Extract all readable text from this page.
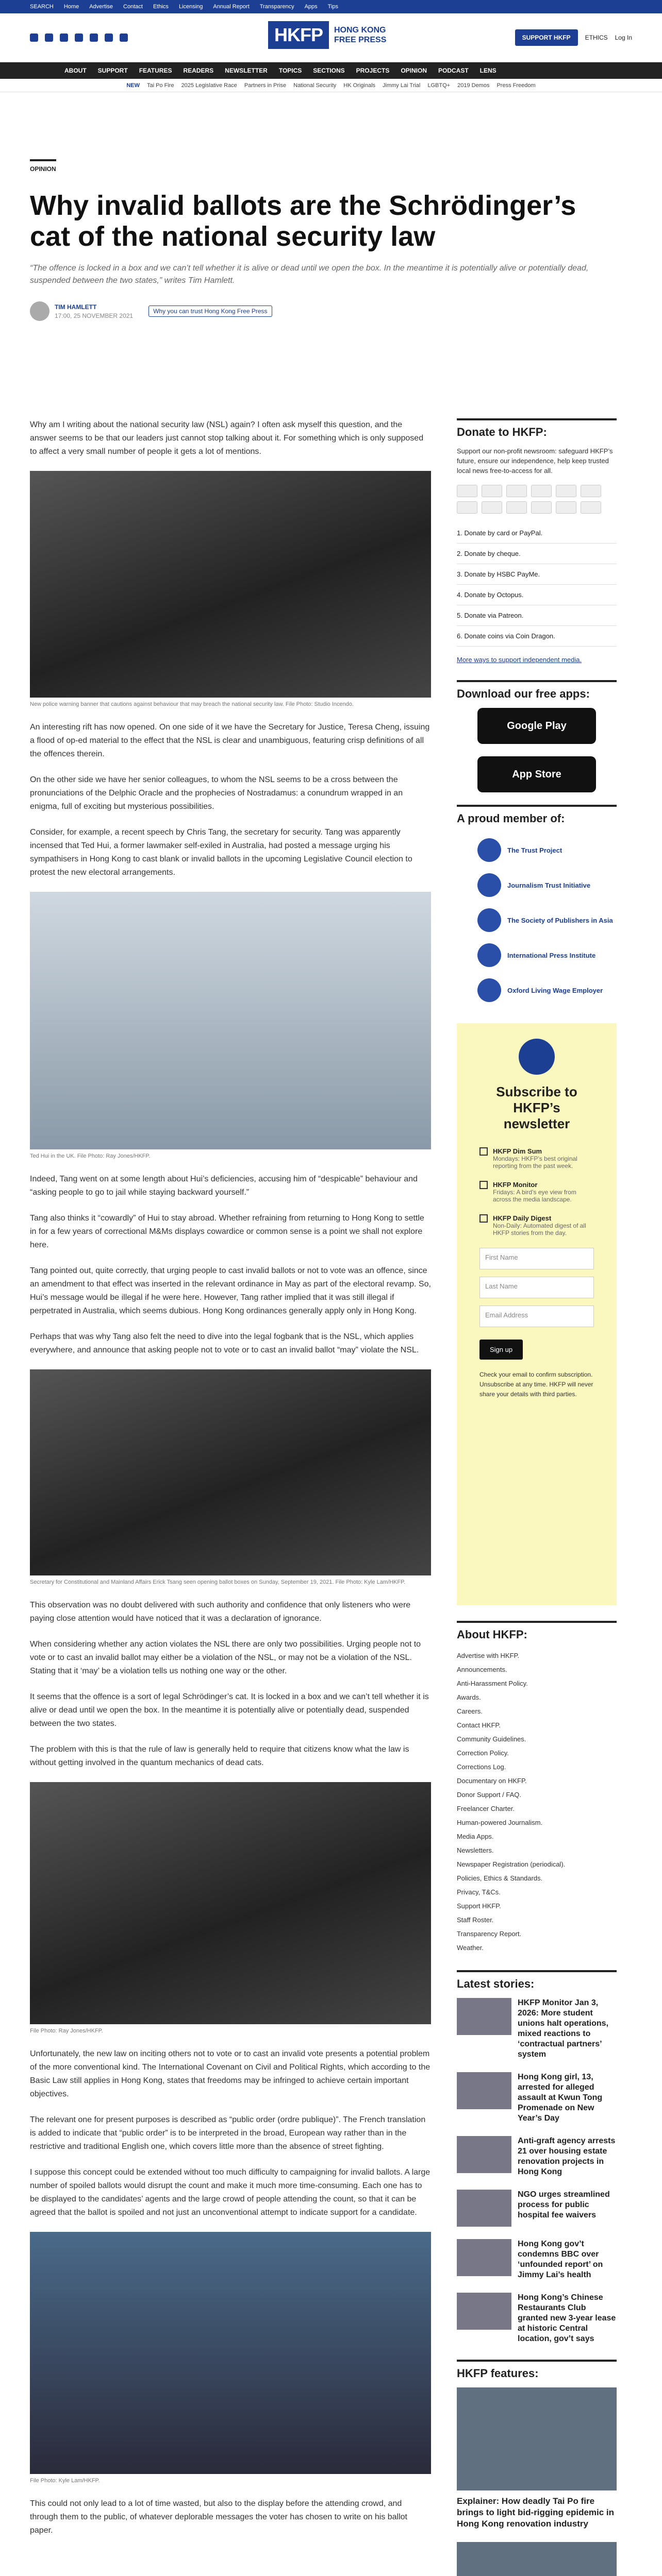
SEARCH Home Advertise Contact Ethics Licensing Annual Report Transparency Apps Tips
HKFP	HONG KONG
FREE PRESS	SUPPORT HKFP	ETHICS Log In
ABOUT SUPPORT FEATURES READERS NEWSLETTER TOPICS SECTIONS PROJECTS OPINION PODCAST LENS
NEW Tai Po Fire 2025 Legislative Race Partners in Prise National Security HK Originals Jimmy Lai Trial LGBTQ+ 2019 Demos Press Freedom
OPINION
Why invalid ballots are the Schrödinger’s cat of the national security law
“The offence is locked in a box and we can’t tell whether it is alive or dead until we open the box. In the meantime it is potentially alive or potentially dead, suspended between the two states,” writes Tim Hamlett.
TIM HAMLETT
17:00, 25 NOVEMBER 2021
Why you can trust Hong Kong Free Press

Why am I writing about the national security law (NSL) again? I often ask myself this question, and the answer seems to be that our leaders just cannot stop talking about it. For something which is only supposed to affect a very small number of people it gets a lot of mentions.

New police warning banner that cautions against behaviour that may breach the national security law. File Photo: Studio Incendo.

An interesting rift has now opened. On one side of it we have the Secretary for Justice, Teresa Cheng, issuing a flood of op-ed material to the effect that the NSL is clear and unambiguous, featuring crisp definitions of all the offences therein.

On the other side we have her senior colleagues, to whom the NSL seems to be a cross between the pronunciations of the Delphic Oracle and the prophecies of Nostradamus: a conundrum wrapped in an enigma, full of exciting but mysterious possibilities.

Consider, for example, a recent speech by Chris Tang, the secretary for security. Tang was apparently incensed that Ted Hui, a former lawmaker self-exiled in Australia, had posted a message urging his sympathisers in Hong Kong to cast blank or invalid ballots in the upcoming Legislative Council election to protest the new electoral arrangements.

Ted Hui in the UK. File Photo: Ray Jones/HKFP.

Indeed, Tang went on at some length about Hui’s deficiencies, accusing him of “despicable” behaviour and “asking people to go to jail while staying backward yourself.”

Tang also thinks it “cowardly” of Hui to stay abroad. Whether refraining from returning to Hong Kong to settle in for a few years of correctional M&Ms displays cowardice or common sense is a point we shall not explore here.

Tang pointed out, quite correctly, that urging people to cast invalid ballots or not to vote was an offence, since an amendment to that effect was inserted in the relevant ordinance in May as part of the electoral revamp. So, Hui’s message would be illegal if he were here. However, Tang rather implied that it was still illegal if perpetrated in Australia, which seems dubious. Hong Kong ordinances generally apply only in Hong Kong.

Perhaps that was why Tang also felt the need to dive into the legal fogbank that is the NSL, which applies everywhere, and announce that asking people not to vote or to cast an invalid ballot “may” violate the NSL.

Secretary for Constitutional and Mainland Affairs Erick Tsang seen opening ballot boxes on Sunday, September 19, 2021. File Photo: Kyle Lam/HKFP.

This observation was no doubt delivered with such authority and confidence that only listeners who were paying close attention would have noticed that it was a declaration of ignorance.

When considering whether any action violates the NSL there are only two possibilities. Urging people not to vote or to cast an invalid ballot may either be a violation of the NSL, or may not be a violation of the NSL. Stating that it ‘may’ be a violation tells us nothing one way or the other.

It seems that the offence is a sort of legal Schrödinger’s cat. It is locked in a box and we can’t tell whether it is alive or dead until we open the box. In the meantime it is potentially alive or potentially dead, suspended between the two states.

The problem with this is that the rule of law is generally held to require that citizens know what the law is without getting involved in the quantum mechanics of dead cats.

File Photo: Ray Jones/HKFP.

Unfortunately, the new law on inciting others not to vote or to cast an invalid vote presents a potential problem of the more conventional kind. The International Covenant on Civil and Political Rights, which according to the Basic Law still applies in Hong Kong, states that freedoms may be infringed to achieve certain important objectives.

The relevant one for present purposes is described as “public order (ordre publique)”. The French translation is added to indicate that “public order” is to be interpreted in the broad, European way rather than in the restrictive and traditional English one, which covers little more than the absence of street fighting.

I suppose this concept could be extended without too much difficulty to campaigning for invalid ballots. A large number of spoiled ballots would disrupt the count and make it much more time-consuming. Each one has to be displayed to the candidates’ agents and the large crowd of people attending the count, so that it can be agreed that the ballot is spoiled and not just an unconventional attempt to indicate support for a candidate.

File Photo: Kyle Lam/HKFP.

This could not only lead to a lot of time wasted, but also to the display before the attending crowd, and through them to the public, of whatever deplorable messages the voter has chosen to write on his ballot paper.

Donate to HKFP:

Support our non-profit newsroom: safeguard HKFP’s future, ensure our independence, help keep trusted local news free-to-access for all.

1. Donate by card or PayPal.
2. Donate by cheque.
3. Donate by HSBC PayMe.
4. Donate by Octopus.
5. Donate via Patreon.
6. Donate coins via Coin Dragon.

More ways to support independent media.

Download our free apps:
Google Play
App Store
A proud member of:
The Trust Project
Journalism Trust Initiative
The Society of Publishers in Asia
International Press Institute
Oxford Living Wage Employer
Subscribe to HKFP’s newsletter
HKFP Dim Sum
Mondays: HKFP’s best original reporting from the past week.
HKFP Monitor
Fridays: A bird’s eye view from across the media landscape.
HKFP Daily Digest
Non-Daily: Automated digest of all HKFP stories from the day.
First Name
Last Name
Email Address
Sign up

Check your email to confirm subscription. Unsubscribe at any time. HKFP will never share your details with third parties.

About HKFP:
Advertise with HKFP.
Announcements.
Anti-Harassment Policy.
Awards.
Careers.
Contact HKFP.
Community Guidelines.
Correction Policy.
Corrections Log.
Documentary on HKFP.
Donor Support / FAQ.
Freelancer Charter.
Human-powered Journalism.
Media Apps.
Newsletters.
Newspaper Registration (periodical).
Policies, Ethics & Standards.
Privacy, T&Cs.
Support HKFP.
Staff Roster.
Transparency Report.
Weather.
Latest stories:
HKFP Monitor Jan 3, 2026: More student unions halt operations, mixed reactions to ‘contractual partners’ system
Hong Kong girl, 13, arrested for alleged assault at Kwun Tong Promenade on New Year’s Day
Anti-graft agency arrests 21 over housing estate renovation projects in Hong Kong
NGO urges streamlined process for public hospital fee waivers
Hong Kong gov’t condemns BBC over ‘unfounded report’ on Jimmy Lai’s health
Hong Kong’s Chinese Restaurants Club granted new 3-year lease at historic Central location, gov’t says
HKFP features:
Explainer: How deadly Tai Po fire brings to light bid-rigging epidemic in Hong Kong renovation industry
